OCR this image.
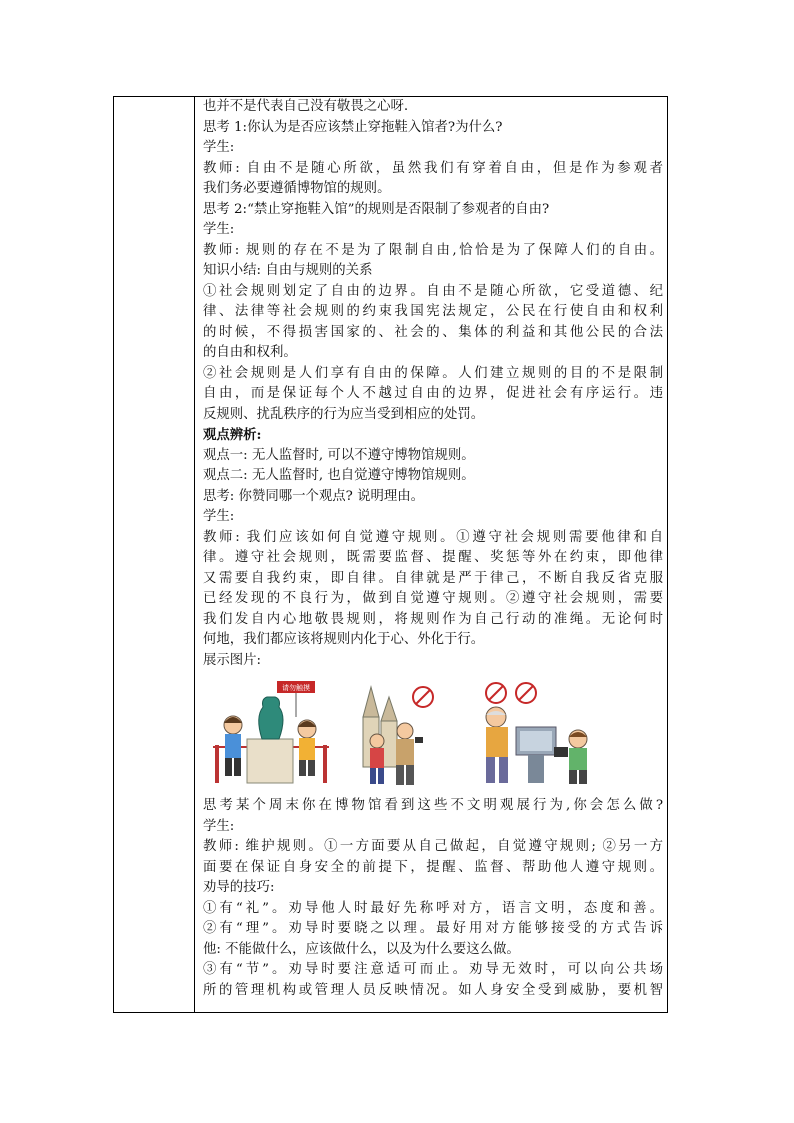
也并不是代表自己没有敬畏之心呀.
思考 1:你认为是否应该禁止穿拖鞋入馆者?为什么?
学生:
教师: 自由不是随心所欲，虽然我们有穿着自由，但是作为参观者
我们务必要遵循博物馆的规则。
思考 2:“禁止穿拖鞋入馆”的规则是否限制了参观者的自由?
学生:
教师: 规则的存在不是为了限制自由,恰恰是为了保障人们的自由。
知识小结: 自由与规则的关系
①社会规则划定了自由的边界。自由不是随心所欲，它受道德、纪
律、法律等社会规则的约束我国宪法规定，公民在行使自由和权利
的时候，不得损害国家的、社会的、集体的利益和其他公民的合法
的自由和权利。
②社会规则是人们享有自由的保障。人们建立规则的目的不是限制
自由，而是保证每个人不越过自由的边界，促进社会有序运行。违
反规则、扰乱秩序的行为应当受到相应的处罚。
观点辨析:
观点一: 无人监督时, 可以不遵守博物馆规则。
观点二: 无人监督时, 也自觉遵守博物馆规则。
思考: 你赞同哪一个观点? 说明理由。
学生:
教师: 我们应该如何自觉遵守规则。①遵守社会规则需要他律和自
律。遵守社会规则，既需要监督、提醒、奖惩等外在约束，即他律
又需要自我约束，即自律。自律就是严于律己，不断自我反省克服
已经发现的不良行为，做到自觉遵守规则。②遵守社会规则，需要
我们发自内心地敬畏规则，将规则作为自己行动的准绳。无论何时
何地，我们都应该将规则内化于心、外化于行。
展示图片:
请勿触摸
思考某个周末你在博物馆看到这些不文明观展行为,你会怎么做?
学生:
教师: 维护规则。①一方面要从自己做起，自觉遵守规则; ②另一方
面要在保证自身安全的前提下，提醒、监督、帮助他人遵守规则。
劝导的技巧:
①有“礼”。劝导他人时最好先称呼对方，语言文明，态度和善。
②有“理”。劝导时要晓之以理。最好用对方能够接受的方式告诉
他: 不能做什么，应该做什么，以及为什么要这么做。
③有“节”。劝导时要注意适可而止。劝导无效时，可以向公共场
所的管理机构或管理人员反映情况。如人身安全受到威胁，要机智
